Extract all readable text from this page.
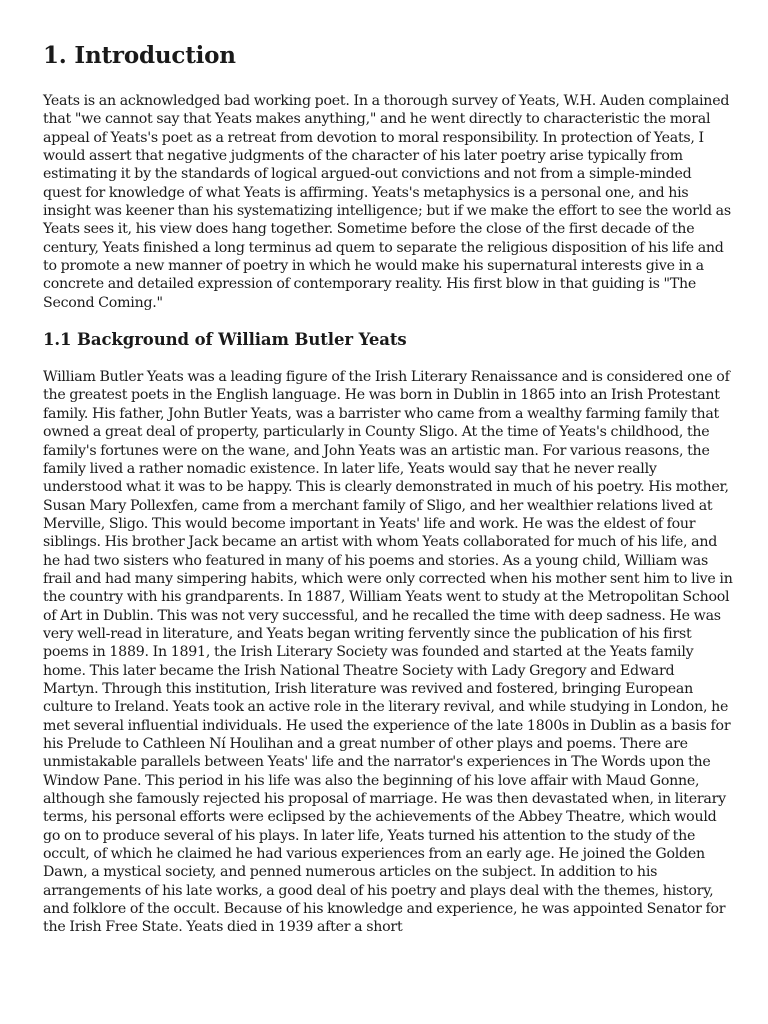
1. Introduction

Yeats is an acknowledged bad working poet. In a thorough survey of Yeats, W.H. Auden complained that "we cannot say that Yeats makes anything," and he went directly to characteristic the moral appeal of Yeats's poet as a retreat from devotion to moral responsibility. In protection of Yeats, I would assert that negative judgments of the character of his later poetry arise typically from estimating it by the standards of logical argued-out convictions and not from a simple-minded quest for knowledge of what Yeats is affirming. Yeats's metaphysics is a personal one, and his insight was keener than his systematizing intelligence; but if we make the effort to see the world as Yeats sees it, his view does hang together. Sometime before the close of the first decade of the century, Yeats finished a long terminus ad quem to separate the religious disposition of his life and to promote a new manner of poetry in which he would make his supernatural interests give in a concrete and detailed expression of contemporary reality. His first blow in that guiding is "The Second Coming."

1.1 Background of William Butler Yeats

William Butler Yeats was a leading figure of the Irish Literary Renaissance and is considered one of the greatest poets in the English language. He was born in Dublin in 1865 into an Irish Protestant family. His father, John Butler Yeats, was a barrister who came from a wealthy farming family that owned a great deal of property, particularly in County Sligo. At the time of Yeats's childhood, the family's fortunes were on the wane, and John Yeats was an artistic man. For various reasons, the family lived a rather nomadic existence. In later life, Yeats would say that he never really understood what it was to be happy. This is clearly demonstrated in much of his poetry. His mother, Susan Mary Pollexfen, came from a merchant family of Sligo, and her wealthier relations lived at Merville, Sligo. This would become important in Yeats' life and work. He was the eldest of four siblings. His brother Jack became an artist with whom Yeats collaborated for much of his life, and he had two sisters who featured in many of his poems and stories. As a young child, William was frail and had many simpering habits, which were only corrected when his mother sent him to live in the country with his grandparents. In 1887, William Yeats went to study at the Metropolitan School of Art in Dublin. This was not very successful, and he recalled the time with deep sadness. He was very well-read in literature, and Yeats began writing fervently since the publication of his first poems in 1889. In 1891, the Irish Literary Society was founded and started at the Yeats family home. This later became the Irish National Theatre Society with Lady Gregory and Edward Martyn. Through this institution, Irish literature was revived and fostered, bringing European culture to Ireland. Yeats took an active role in the literary revival, and while studying in London, he met several influential individuals. He used the experience of the late 1800s in Dublin as a basis for his Prelude to Cathleen Ní Houlihan and a great number of other plays and poems. There are unmistakable parallels between Yeats' life and the narrator's experiences in The Words upon the Window Pane. This period in his life was also the beginning of his love affair with Maud Gonne, although she famously rejected his proposal of marriage. He was then devastated when, in literary terms, his personal efforts were eclipsed by the achievements of the Abbey Theatre, which would go on to produce several of his plays. In later life, Yeats turned his attention to the study of the occult, of which he claimed he had various experiences from an early age. He joined the Golden Dawn, a mystical society, and penned numerous articles on the subject. In addition to his arrangements of his late works, a good deal of his poetry and plays deal with the themes, history, and folklore of the occult. Because of his knowledge and experience, he was appointed Senator for the Irish Free State. Yeats died in 1939 after a short
